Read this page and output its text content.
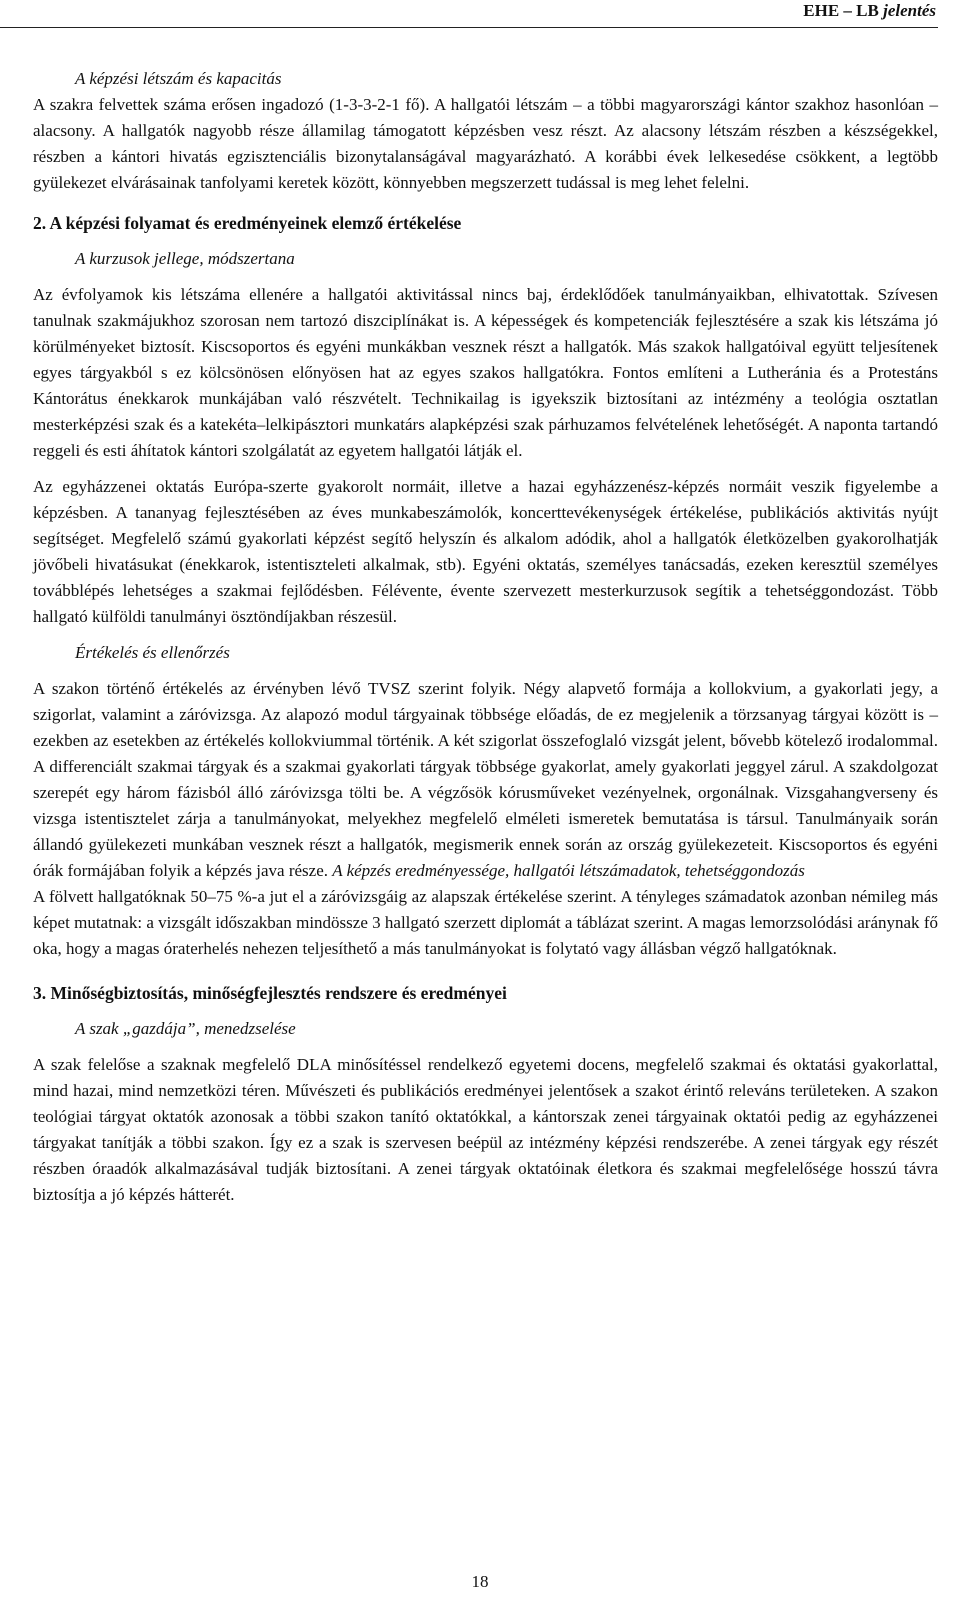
EHE – LB jelentés

A képzési létszám és kapacitás

A szakra felvettek száma erősen ingadozó (1-3-3-2-1 fő). A hallgatói létszám – a többi magyarországi kántor szakhoz hasonlóan – alacsony. A hallgatók nagyobb része államilag támogatott képzésben vesz részt. Az alacsony létszám részben a készségekkel, részben a kántori hivatás egzisztenciális bizonytalanságával magyarázható. A korábbi évek lelkesedése csökkent, a legtöbb gyülekezet elvárásainak tanfolyami keretek között, könnyebben megszerzett tudással is meg lehet felelni.

2. A képzési folyamat és eredményeinek elemző értékelése

A kurzusok jellege, módszertana

Az évfolyamok kis létszáma ellenére a hallgatói aktivitással nincs baj, érdeklődőek tanulmányaikban, elhivatottak. Szívesen tanulnak szakmájukhoz szorosan nem tartozó diszciplínákat is. A képességek és kompetenciák fejlesztésére a szak kis létszáma jó körülményeket biztosít. Kiscsoportos és egyéni munkákban vesznek részt a hallgatók. Más szakok hallgatóival együtt teljesítenek egyes tárgyakból s ez kölcsönösen előnyösen hat az egyes szakos hallgatókra. Fontos említeni a Lutheránia és a Protestáns Kántorátus énekkarok munkájában való részvételt. Technikailag is igyekszik biztosítani az intézmény a teológia osztatlan mesterképzési szak és a katekéta–lelkipásztori munkatárs alapképzési szak párhuzamos felvételének lehetőségét. A naponta tartandó reggeli és esti áhítatok kántori szolgálatát az egyetem hallgatói látják el.

Az egyházzenei oktatás Európa-szerte gyakorolt normáit, illetve a hazai egyházzenész-képzés normáit veszik figyelembe a képzésben. A tananyag fejlesztésében az éves munkabeszámolók, koncerttevékenységek értékelése, publikációs aktivitás nyújt segítséget. Megfelelő számú gyakorlati képzést segítő helyszín és alkalom adódik, ahol a hallgatók életközelben gyakorolhatják jövőbeli hivatásukat (énekkarok, istentiszteleti alkalmak, stb). Egyéni oktatás, személyes tanácsadás, ezeken keresztül személyes továbblépés lehetséges a szakmai fejlődésben. Félévente, évente szervezett mesterkurzusok segítik a tehetséggondozást. Több hallgató külföldi tanulmányi ösztöndíjakban részesül.

Értékelés és ellenőrzés

A szakon történő értékelés az érvényben lévő TVSZ szerint folyik. Négy alapvető formája a kollokvium, a gyakorlati jegy, a szigorlat, valamint a záróvizsga. Az alapozó modul tárgyainak többsége előadás, de ez megjelenik a törzsanyag tárgyai között is – ezekben az esetekben az értékelés kollokviummal történik. A két szigorlat összefoglaló vizsgát jelent, bővebb kötelező irodalommal. A differenciált szakmai tárgyak és a szakmai gyakorlati tárgyak többsége gyakorlat, amely gyakorlati jeggyel zárul. A szakdolgozat szerepét egy három fázisból álló záróvizsga tölti be. A végzősök kórusműveket vezényelnek, orgonálnak. Vizsgahangverseny és vizsga istentisztelet zárja a tanulmányokat, melyekhez megfelelő elméleti ismeretek bemutatása is társul. Tanulmányaik során állandó gyülekezeti munkában vesznek részt a hallgatók, megismerik ennek során az ország gyülekezeteit. Kiscsoportos és egyéni órák formájában folyik a képzés java része. A képzés eredményessége, hallgatói létszámadatok, tehetséggondozás

A fölvett hallgatóknak 50–75 %-a jut el a záróvizsgáig az alapszak értékelése szerint. A tényleges számadatok azonban némileg más képet mutatnak: a vizsgált időszakban mindössze 3 hallgató szerzett diplomát a táblázat szerint. A magas lemorzsolódási aránynak fő oka, hogy a magas óraterhelés nehezen teljesíthető a más tanulmányokat is folytató vagy állásban végző hallgatóknak.

3. Minőségbiztosítás, minőségfejlesztés rendszere és eredményei

A szak „gazdája”, menedzselése

A szak felelőse a szaknak megfelelő DLA minősítéssel rendelkező egyetemi docens, megfelelő szakmai és oktatási gyakorlattal, mind hazai, mind nemzetközi téren. Művészeti és publikációs eredményei jelentősek a szakot érintő releváns területeken. A szakon teológiai tárgyat oktatók azonosak a többi szakon tanító oktatókkal, a kántorszak zenei tárgyainak oktatói pedig az egyházzenei tárgyakat tanítják a többi szakon. Így ez a szak is szervesen beépül az intézmény képzési rendszerébe. A zenei tárgyak egy részét részben óraadók alkalmazásával tudják biztosítani. A zenei tárgyak oktatóinak életkora és szakmai megfelelősége hosszú távra biztosítja a jó képzés hátterét.

18
